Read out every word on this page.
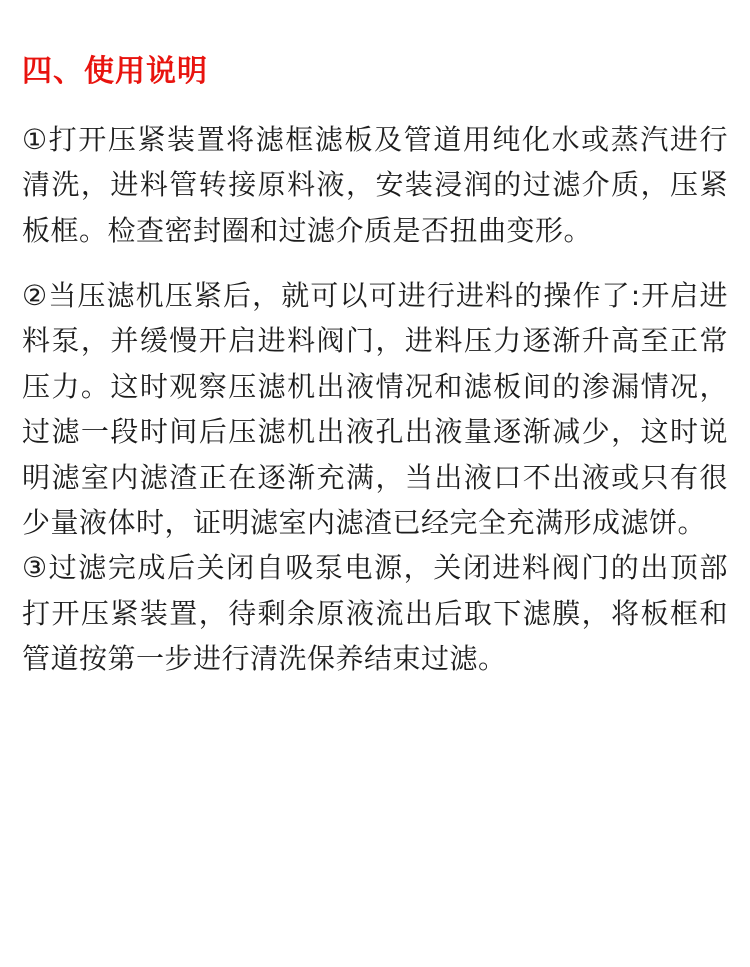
四、使用说明

①打开压紧装置将滤框滤板及管道用纯化水或蒸汽进行清洗，进料管转接原料液，安装浸润的过滤介质，压紧板框。检查密封圈和过滤介质是否扭曲变形。

②当压滤机压紧后，就可以可进行进料的操作了:开启进料泵，并缓慢开启进料阀门，进料压力逐渐升高至正常压力。这时观察压滤机出液情况和滤板间的渗漏情况，过滤一段时间后压滤机出液孔出液量逐渐减少，这时说明滤室内滤渣正在逐渐充满，当出液口不出液或只有很少量液体时，证明滤室内滤渣已经完全充满形成滤饼。

③过滤完成后关闭自吸泵电源，关闭进料阀门的出顶部打开压紧装置，待剩余原液流出后取下滤膜，将板框和管道按第一步进行清洗保养结束过滤。
